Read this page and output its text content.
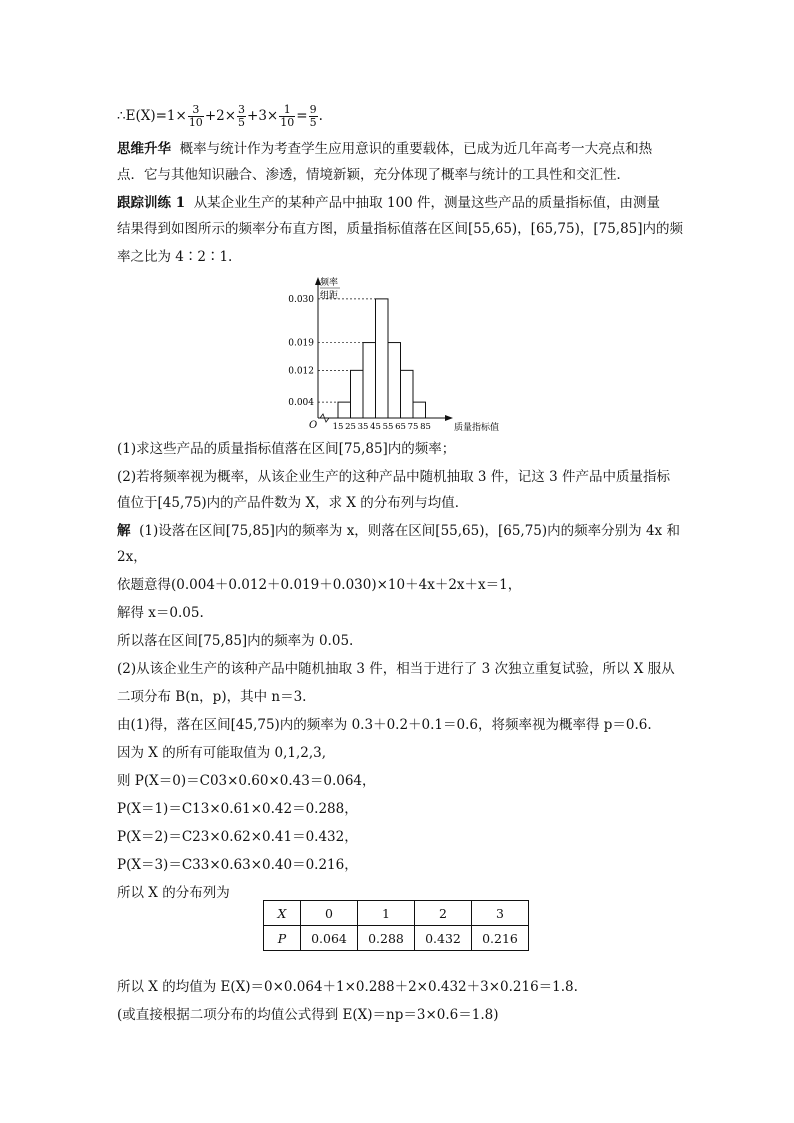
∴E(X)=1× $\frac{3}{10} +2\times \frac{3}{5} +3\times \frac{1}{10} = \frac{9}{5}$ .
思维升华 概率与统计作为考查学生应用意识的重要载体，已成为近几年高考一大亮点和热
点．它与其他知识融合、渗透，情境新颖，充分体现了概率与统计的工具性和交汇性．
跟踪训练 1 从某企业生产的某种产品中抽取 100 件，测量这些产品的质量指标值，由测量
结果得到如图所示的频率分布直方图，质量指标值落在区间[55,65)，[65,75)，[75,85]内的频
率之比为 4∶2∶1.
频率
组距
O	质量指标值
0.004
0.012
0.019
0.030
15 25 35 45 55 65 75 85
(1)求这些产品的质量指标值落在区间[75,85]内的频率；
(2)若将频率视为概率，从该企业生产的这种产品中随机抽取 3 件，记这 3 件产品中质量指标
值位于[45,75)内的产品件数为 X，求 X 的分布列与均值．
解 (1)设落在区间[75,85]内的频率为 x，则落在区间[55,65)，[65,75)内的频率分别为 4x 和
2x，
依题意得(0.004＋0.012＋0.019＋0.030)×10＋4x＋2x＋x＝1，
解得 x＝0.05.
所以落在区间[75,85]内的频率为 0.05.
(2)从该企业生产的该种产品中随机抽取 3 件，相当于进行了 3 次独立重复试验，所以 X 服从
二项分布 B(n，p)，其中 n＝3.
由(1)得，落在区间[45,75)内的频率为 0.3＋0.2＋0.1＝0.6，将频率视为概率得 p＝0.6.
因为 X 的所有可能取值为 0,1,2,3,
则 P(X＝0)＝C03×0.60×0.43＝0.064，
P(X＝1)＝C13×0.61×0.42＝0.288，
P(X＝2)＝C23×0.62×0.41＝0.432，
P(X＝3)＝C33×0.63×0.40＝0.216，
所以 X 的分布列为
X	0	1	2	3
P	0.064	0.288	0.432	0.216
所以 X 的均值为 E(X)＝0×0.064＋1×0.288＋2×0.432＋3×0.216＝1.8.
(或直接根据二项分布的均值公式得到 E(X)＝np＝3×0.6＝1.8)
